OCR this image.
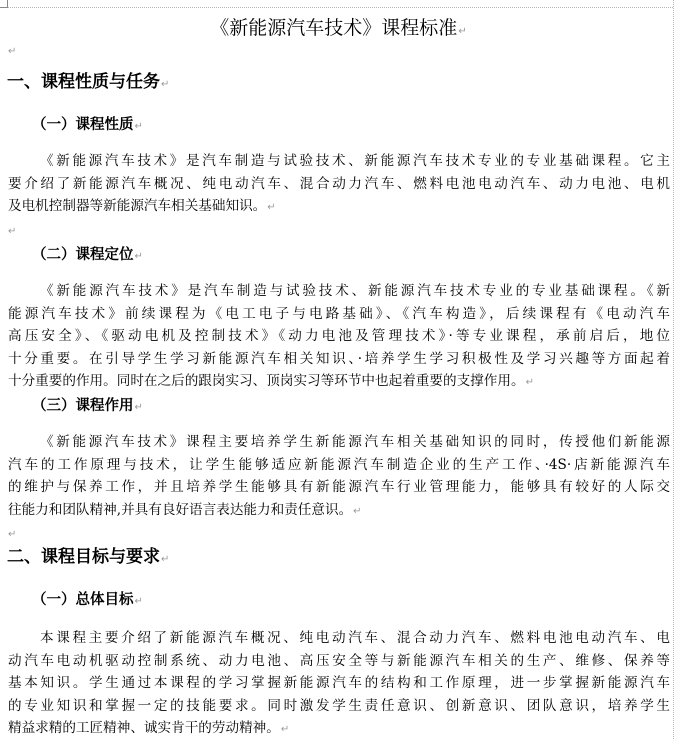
《新能源汽车技术》课程标准↵
↵
一、课程性质与任务↵
（一）课程性质↵
《新能源汽车技术》是汽车制造与试验技术、新能源汽车技术专业的专业基础课程。它主
要介绍了新能源汽车概况、纯电动汽车、混合动力汽车、燃料电池电动汽车、动力电池、电机
及电机控制器等新能源汽车相关基础知识。↵
↵
（二）课程定位↵
《新能源汽车技术》是汽车制造与试验技术、新能源汽车技术专业的专业基础课程。《新
能源汽车技术》前续课程为《电工电子与电路基础》、《汽车构造》，后续课程有《电动汽车
高压安全》、《驱动电机及控制技术》《动力电池及管理技术》·等专业课程，承前启后，地位
十分重要。在引导学生学习新能源汽车相关知识、·培养学生学习积极性及学习兴趣等方面起着
十分重要的作用。同时在之后的跟岗实习、顶岗实习等环节中也起着重要的支撑作用。↵
（三）课程作用↵
《新能源汽车技术》课程主要培养学生新能源汽车相关基础知识的同时，传授他们新能源
汽车的工作原理与技术，让学生能够适应新能源汽车制造企业的生产工作、·4S·店新能源汽车
的维护与保养工作，并且培养学生能够具有新能源汽车行业管理能力，能够具有较好的人际交
往能力和团队精神,并具有良好语言表达能力和责任意识。↵
↵
二、课程目标与要求↵
（一）总体目标↵
本课程主要介绍了新能源汽车概况、纯电动汽车、混合动力汽车、燃料电池电动汽车、电
动汽车电动机驱动控制系统、动力电池、高压安全等与新能源汽车相关的生产、维修、保养等
基本知识。学生通过本课程的学习掌握新能源汽车的结构和工作原理，进一步掌握新能源汽车
的专业知识和掌握一定的技能要求。同时激发学生责任意识、创新意识、团队意识，培养学生
精益求精的工匠精神、诚实肯干的劳动精神。↵
